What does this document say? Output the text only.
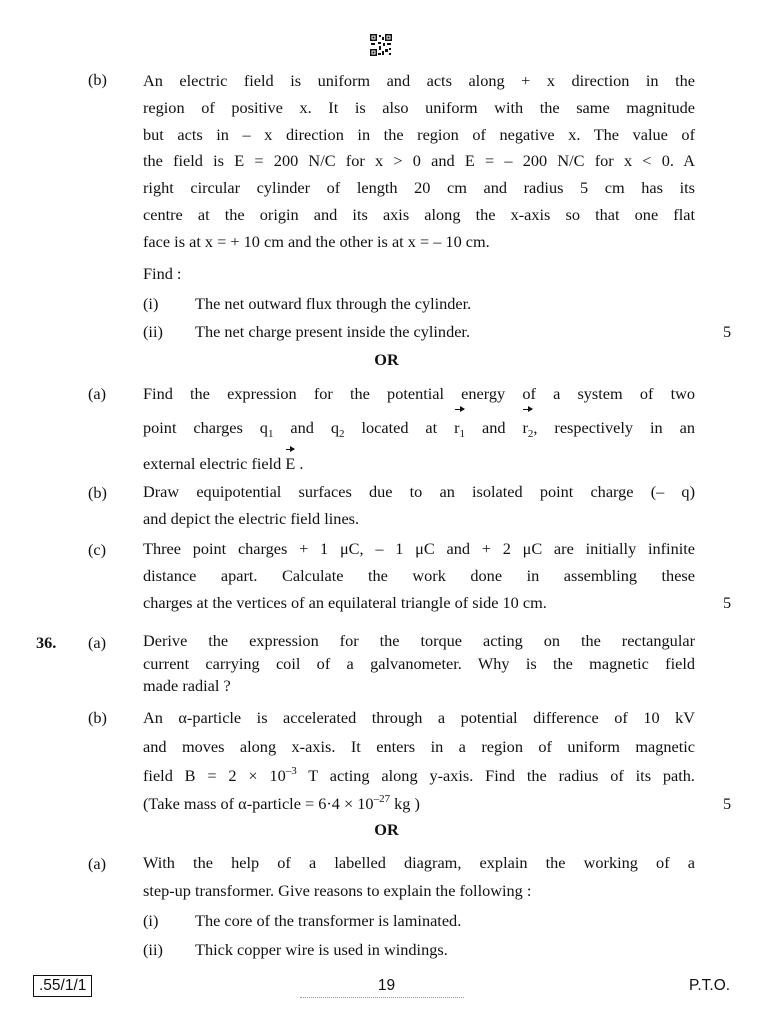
(b) An electric field is uniform and acts along + x direction in the
region of positive x. It is also uniform with the same magnitude
but acts in – x direction in the region of negative x. The value of
the field is E = 200 N/C for x > 0 and E = – 200 N/C for x < 0. A
right circular cylinder of length 20 cm and radius 5 cm has its
centre at the origin and its axis along the x-axis so that one flat
face is at x = + 10 cm and the other is at x = – 10 cm.
Find :
(i) The net outward flux through the cylinder.
(ii) The net charge present inside the cylinder.	5
OR
(a) Find the expression for the potential energy of a system of two
point charges $q_1$ and $q_2$ located at $r_1$ and $r_2$, respectively in an
external electric field E .
(b) Draw equipotential surfaces due to an isolated point charge (– q)
and depict the electric field lines.
(c) Three point charges + 1 μC, – 1 μC and + 2 μC are initially infinite
distance apart. Calculate the work done in assembling these
charges at the vertices of an equilateral triangle of side 10 cm.	5
36. (a) Derive the expression for the torque acting on the rectangular
current carrying coil of a galvanometer. Why is the magnetic field
made radial ?
(b) An α-particle is accelerated through a potential difference of 10 kV
and moves along x-axis. It enters in a region of uniform magnetic
field $B = 2 \times 10^{-3}$ T acting along y-axis. Find the radius of its path.
(Take mass of α-particle = $6\cdot 4 \times 10^{-27}$ kg )	5
OR
(a) With the help of a labelled diagram, explain the working of a
step-up transformer. Give reasons to explain the following :
(i) The core of the transformer is laminated.
(ii) Thick copper wire is used in windings.
.55/1/1	19	P.T.O.
